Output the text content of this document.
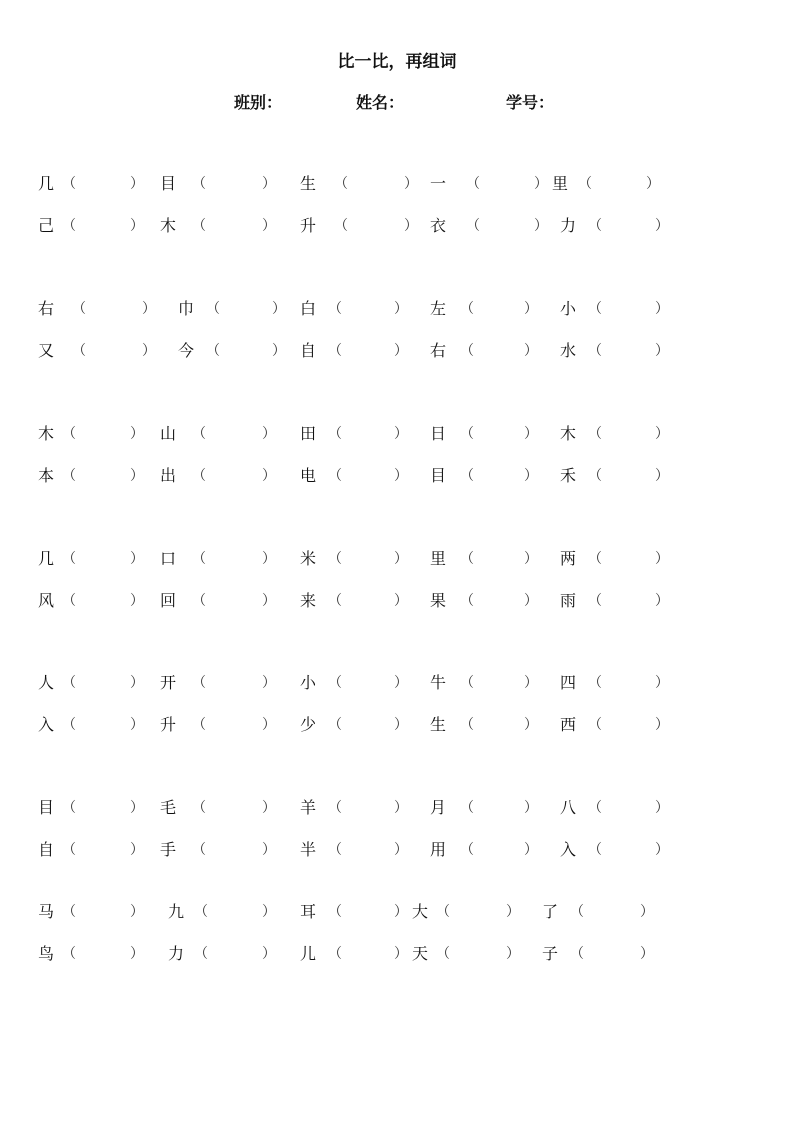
比一比，再组词
班别：	姓名：	学号：
几 （	） 目 （	） 生 （	） 一 （	） 里 （	）
己 （	） 木 （	） 升 （	） 衣 （	） 力 （	）
右 （	） 巾 （	） 白 （	） 左 （	） 小 （	）
又 （	） 今 （	） 自 （	） 右 （	） 水 （	）
木 （	） 山 （	） 田 （	） 日 （	） 木 （	）
本 （	） 出 （	） 电 （	） 目 （	） 禾 （	）
几 （	） 口 （	） 米 （	） 里 （	） 两 （	）
风 （	） 回 （	） 来 （	） 果 （	） 雨 （	）
人 （	） 开 （	） 小 （	） 牛 （	） 四 （	）
入 （	） 升 （	） 少 （	） 生 （	） 西 （	）
目 （	） 毛 （	） 羊 （	） 月 （	） 八 （	）
自 （	） 手 （	） 半 （	） 用 （	） 入 （	）
马 （	） 九 （	） 耳 （	） 大 （	） 了 （	）
鸟 （	） 力 （	） 儿 （	） 天 （	） 子 （	）
